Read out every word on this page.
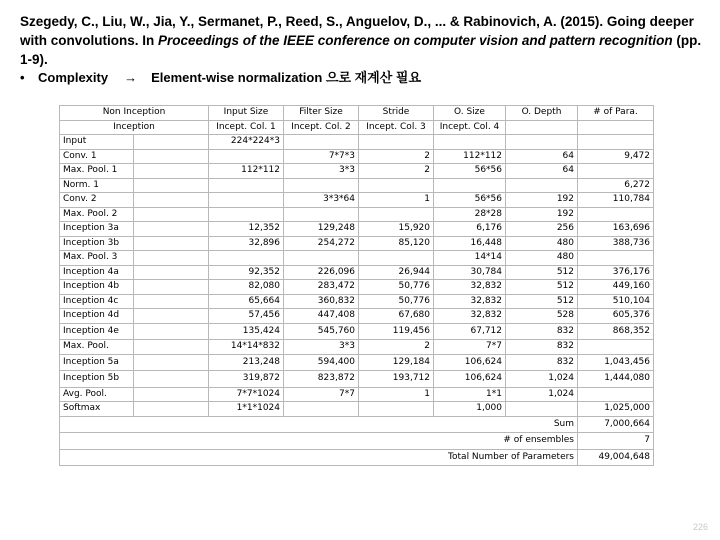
Szegedy, C., Liu, W., Jia, Y., Sermanet, P., Reed, S., Anguelov, D., ... & Rabinovich, A. (2015). Going deeper with convolutions. In Proceedings of the IEEE conference on computer vision and pattern recognition (pp. 1-9).
• Complexity → Element-wise normalization 으로 재계산 필요
Non Inception		Input Size	Filter Size	Stride	O. Size	O. Depth	# of Para.
Inception		Incept. Col. 1	Incept. Col. 2	Incept. Col. 3	Incept. Col. 4		
Input		224*224*3					
Conv. 1			7*7*3	2	112*112	64	9,472
Max. Pool. 1		112*112	3*3	2	56*56	64	
Norm. 1							6,272
Conv. 2			3*3*64	1	56*56	192	110,784
Max. Pool. 2					28*28	192	
Inception 3a		12,352	129,248	15,920	6,176	256	163,696
Inception 3b		32,896	254,272	85,120	16,448	480	388,736
Max. Pool. 3					14*14	480	
Inception 4a		92,352	226,096	26,944	30,784	512	376,176
Inception 4b		82,080	283,472	50,776	32,832	512	449,160
Inception 4c		65,664	360,832	50,776	32,832	512	510,104
Inception 4d		57,456	447,408	67,680	32,832	528	605,376
Inception 4e		135,424	545,760	119,456	67,712	832	868,352
Max. Pool.		14*14*832	3*3	2	7*7	832	
Inception 5a		213,248	594,400	129,184	106,624	832	1,043,456
Inception 5b		319,872	823,872	193,712	106,624	1,024	1,444,080
Avg. Pool.		7*7*1024	7*7	1	1*1	1,024	
Softmax		1*1*1024			1,000		1,025,000
Sum							7,000,664
# of ensembles							7
Total Number of Parameters							49,004,648
226
